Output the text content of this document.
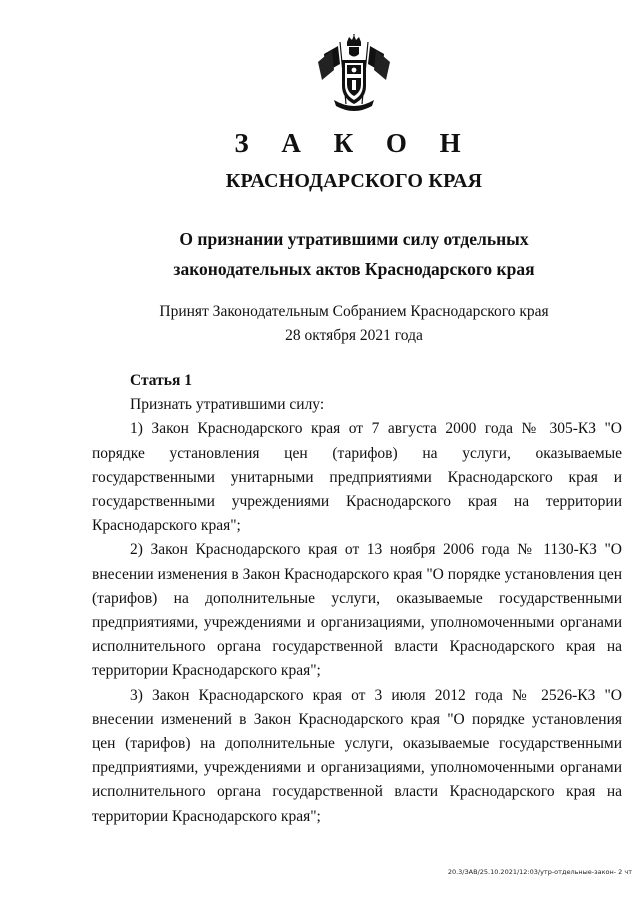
З А К О Н
КРАСНОДАРСКОГО КРАЯ
О признании утратившими силу отдельных
законодательных актов Краснодарского края
Принят Законодательным Собранием Краснодарского края
28 октября 2021 года

Статья 1

Признать утратившими силу:

1) Закон Краснодарского края от 7 августа 2000 года № 305-КЗ "О порядке установления цен (тарифов) на услуги, оказываемые государственными унитарными предприятиями Краснодарского края и государственными учреждениями Краснодарского края на территории Краснодарского края";

2) Закон Краснодарского края от 13 ноября 2006 года № 1130-КЗ "О внесении изменения в Закон Краснодарского края "О порядке установления цен (тарифов) на дополнительные услуги, оказываемые государственными предприятиями, учреждениями и организациями, уполномоченными органами исполнительного органа государственной власти Краснодарского края на территории Краснодарского края";

3) Закон Краснодарского края от 3 июля 2012 года № 2526-КЗ "О внесении изменений в Закон Краснодарского края "О порядке установления цен (тарифов) на дополнительные услуги, оказываемые государственными предприятиями, учреждениями и организациями, уполномоченными органами исполнительного органа государственной власти Краснодарского края на территории Краснодарского края";

20.3/ЗАВ/25.10.2021/12:03/утр-отдельные-закон- 2 чт
